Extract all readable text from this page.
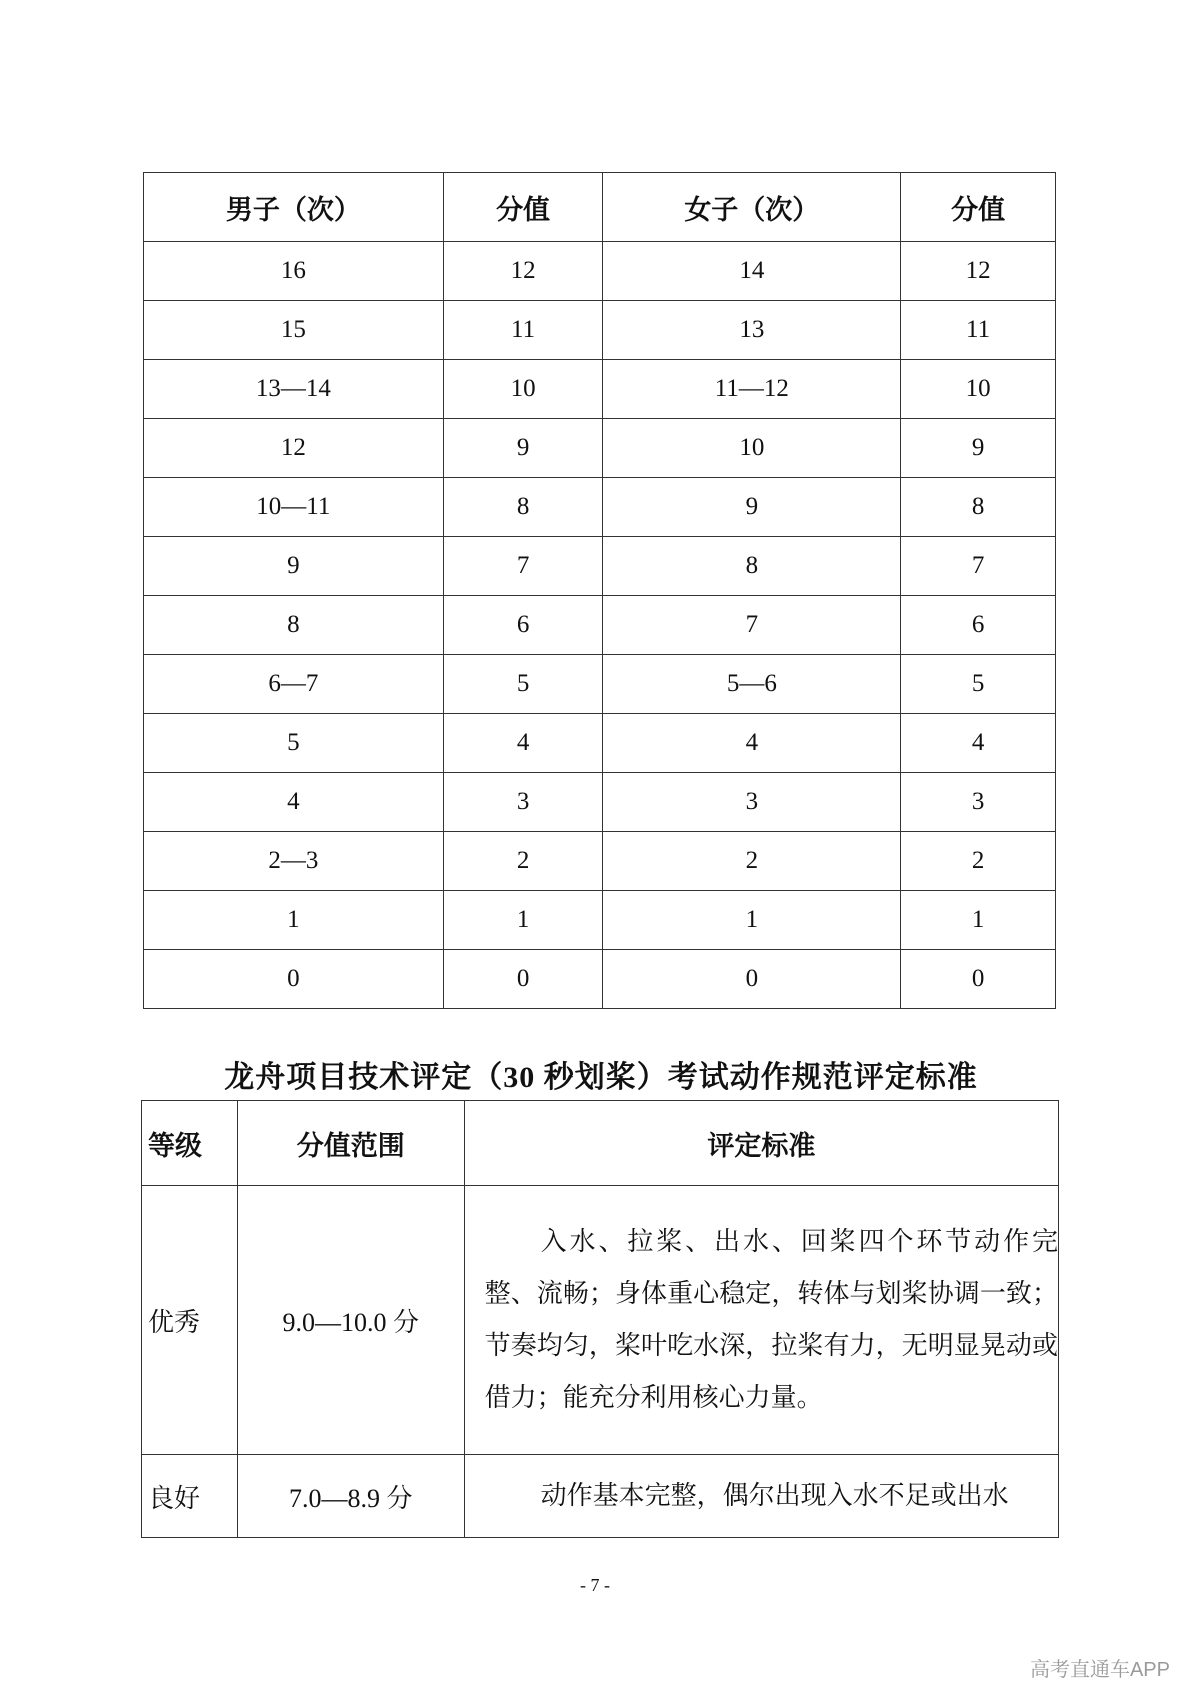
男子（次）	分值	女子（次）	分值
16	12	14	12
15	11	13	11
13—14	10	11—12	10
12	9	10	9
10—11	8	9	8
9	7	8	7
8	6	7	6
6—7	5	5—6	5
5	4	4	4
4	3	3	3
2—3	2	2	2
1	1	1	1
0	0	0	0
龙舟项目技术评定（30 秒划桨）考试动作规范评定标准
等级	分值范围	评定标准
优秀	9.0—10.0 分	入水、拉桨、出水、回桨四个环节动作完整、流畅；身体重心稳定，转体与划桨协调一致；节奏均匀，桨叶吃水深，拉桨有力，无明显晃动或借力；能充分利用核心力量。
良好	7.0—8.9 分	动作基本完整，偶尔出现入水不足或出水
- 7 -
高考直通车APP
